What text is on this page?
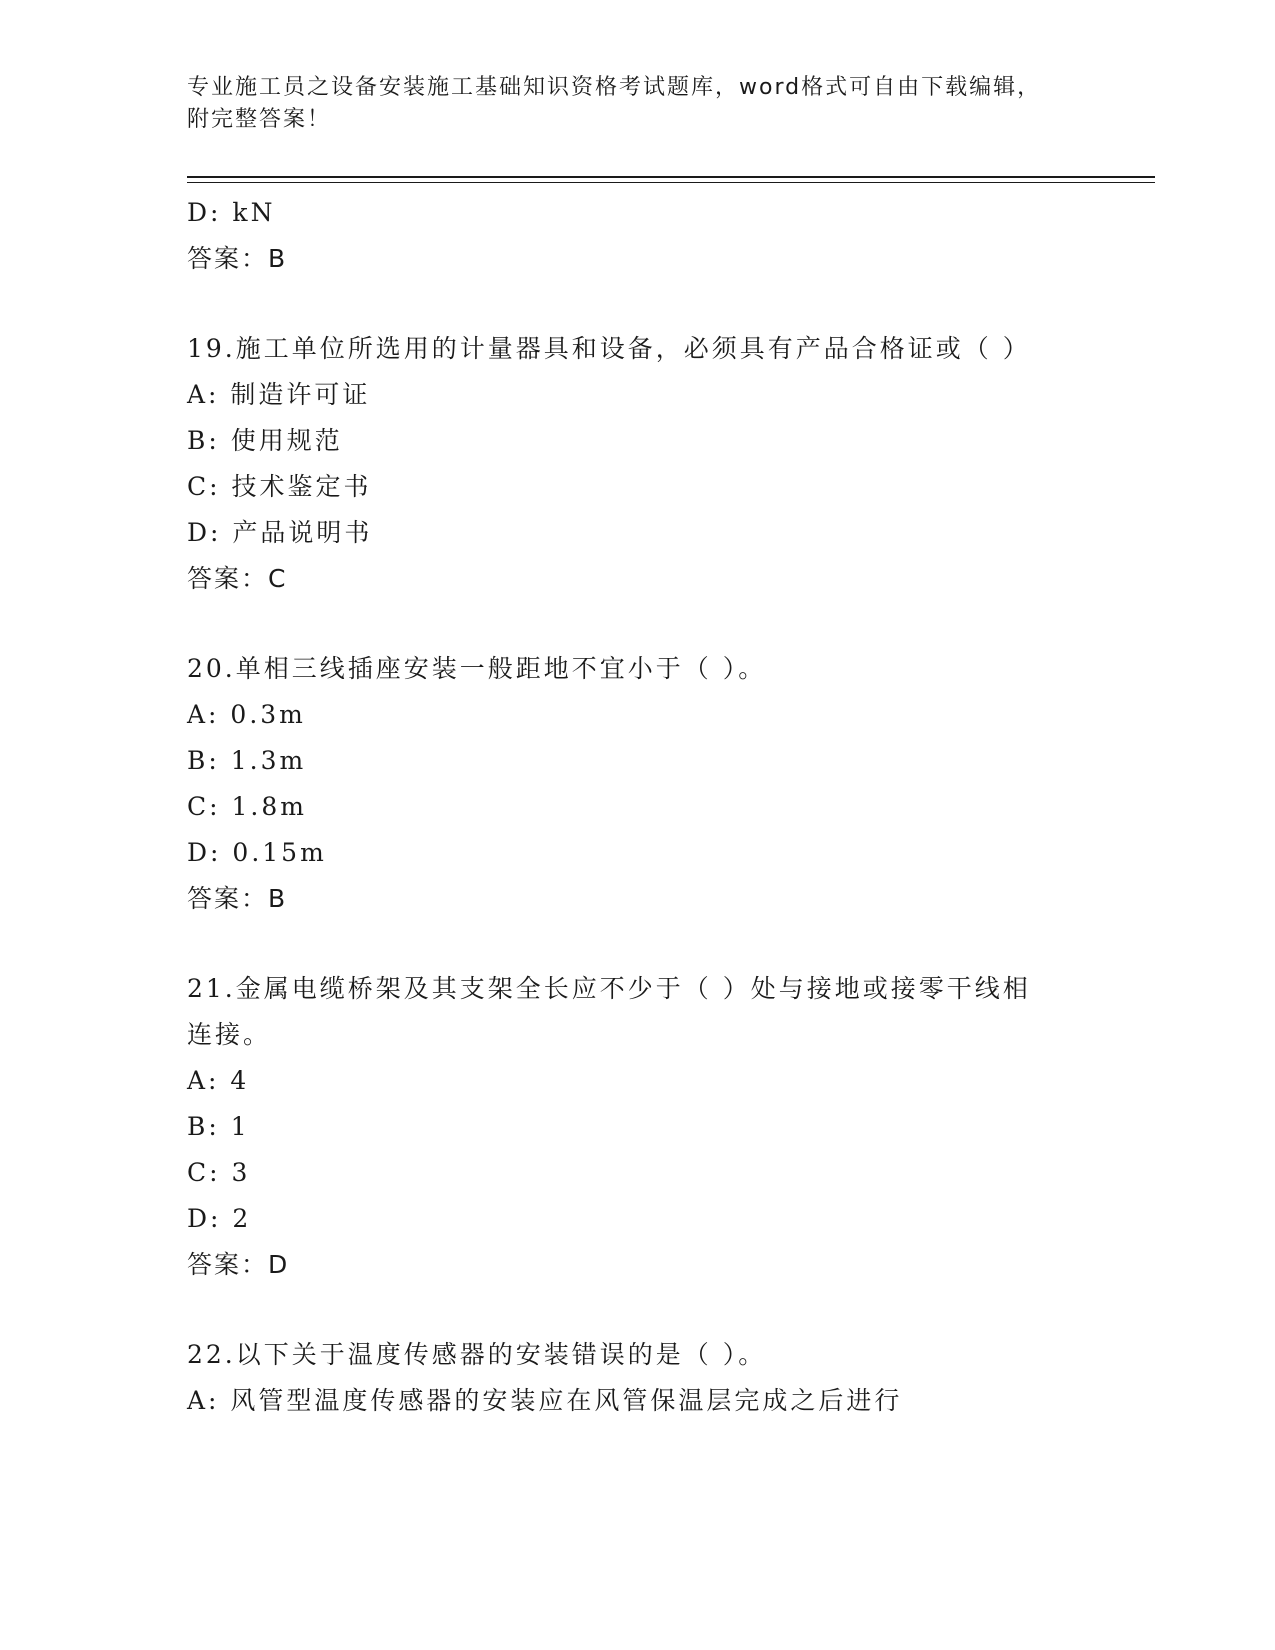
专业施工员之设备安装施工基础知识资格考试题库，word格式可自由下载编辑，
附完整答案！
D: kN
答案：B
19.施工单位所选用的计量器具和设备，必须具有产品合格证或（ ）
A: 制造许可证
B: 使用规范
C: 技术鉴定书
D: 产品说明书
答案：C
20.单相三线插座安装一般距地不宜小于（ ）。
A: 0.3m
B: 1.3m
C: 1.8m
D: 0.15m
答案：B
21.金属电缆桥架及其支架全长应不少于（ ）处与接地或接零干线相
连接。
A: 4
B: 1
C: 3
D: 2
答案：D
22.以下关于温度传感器的安装错误的是（ ）。
A: 风管型温度传感器的安装应在风管保温层完成之后进行
